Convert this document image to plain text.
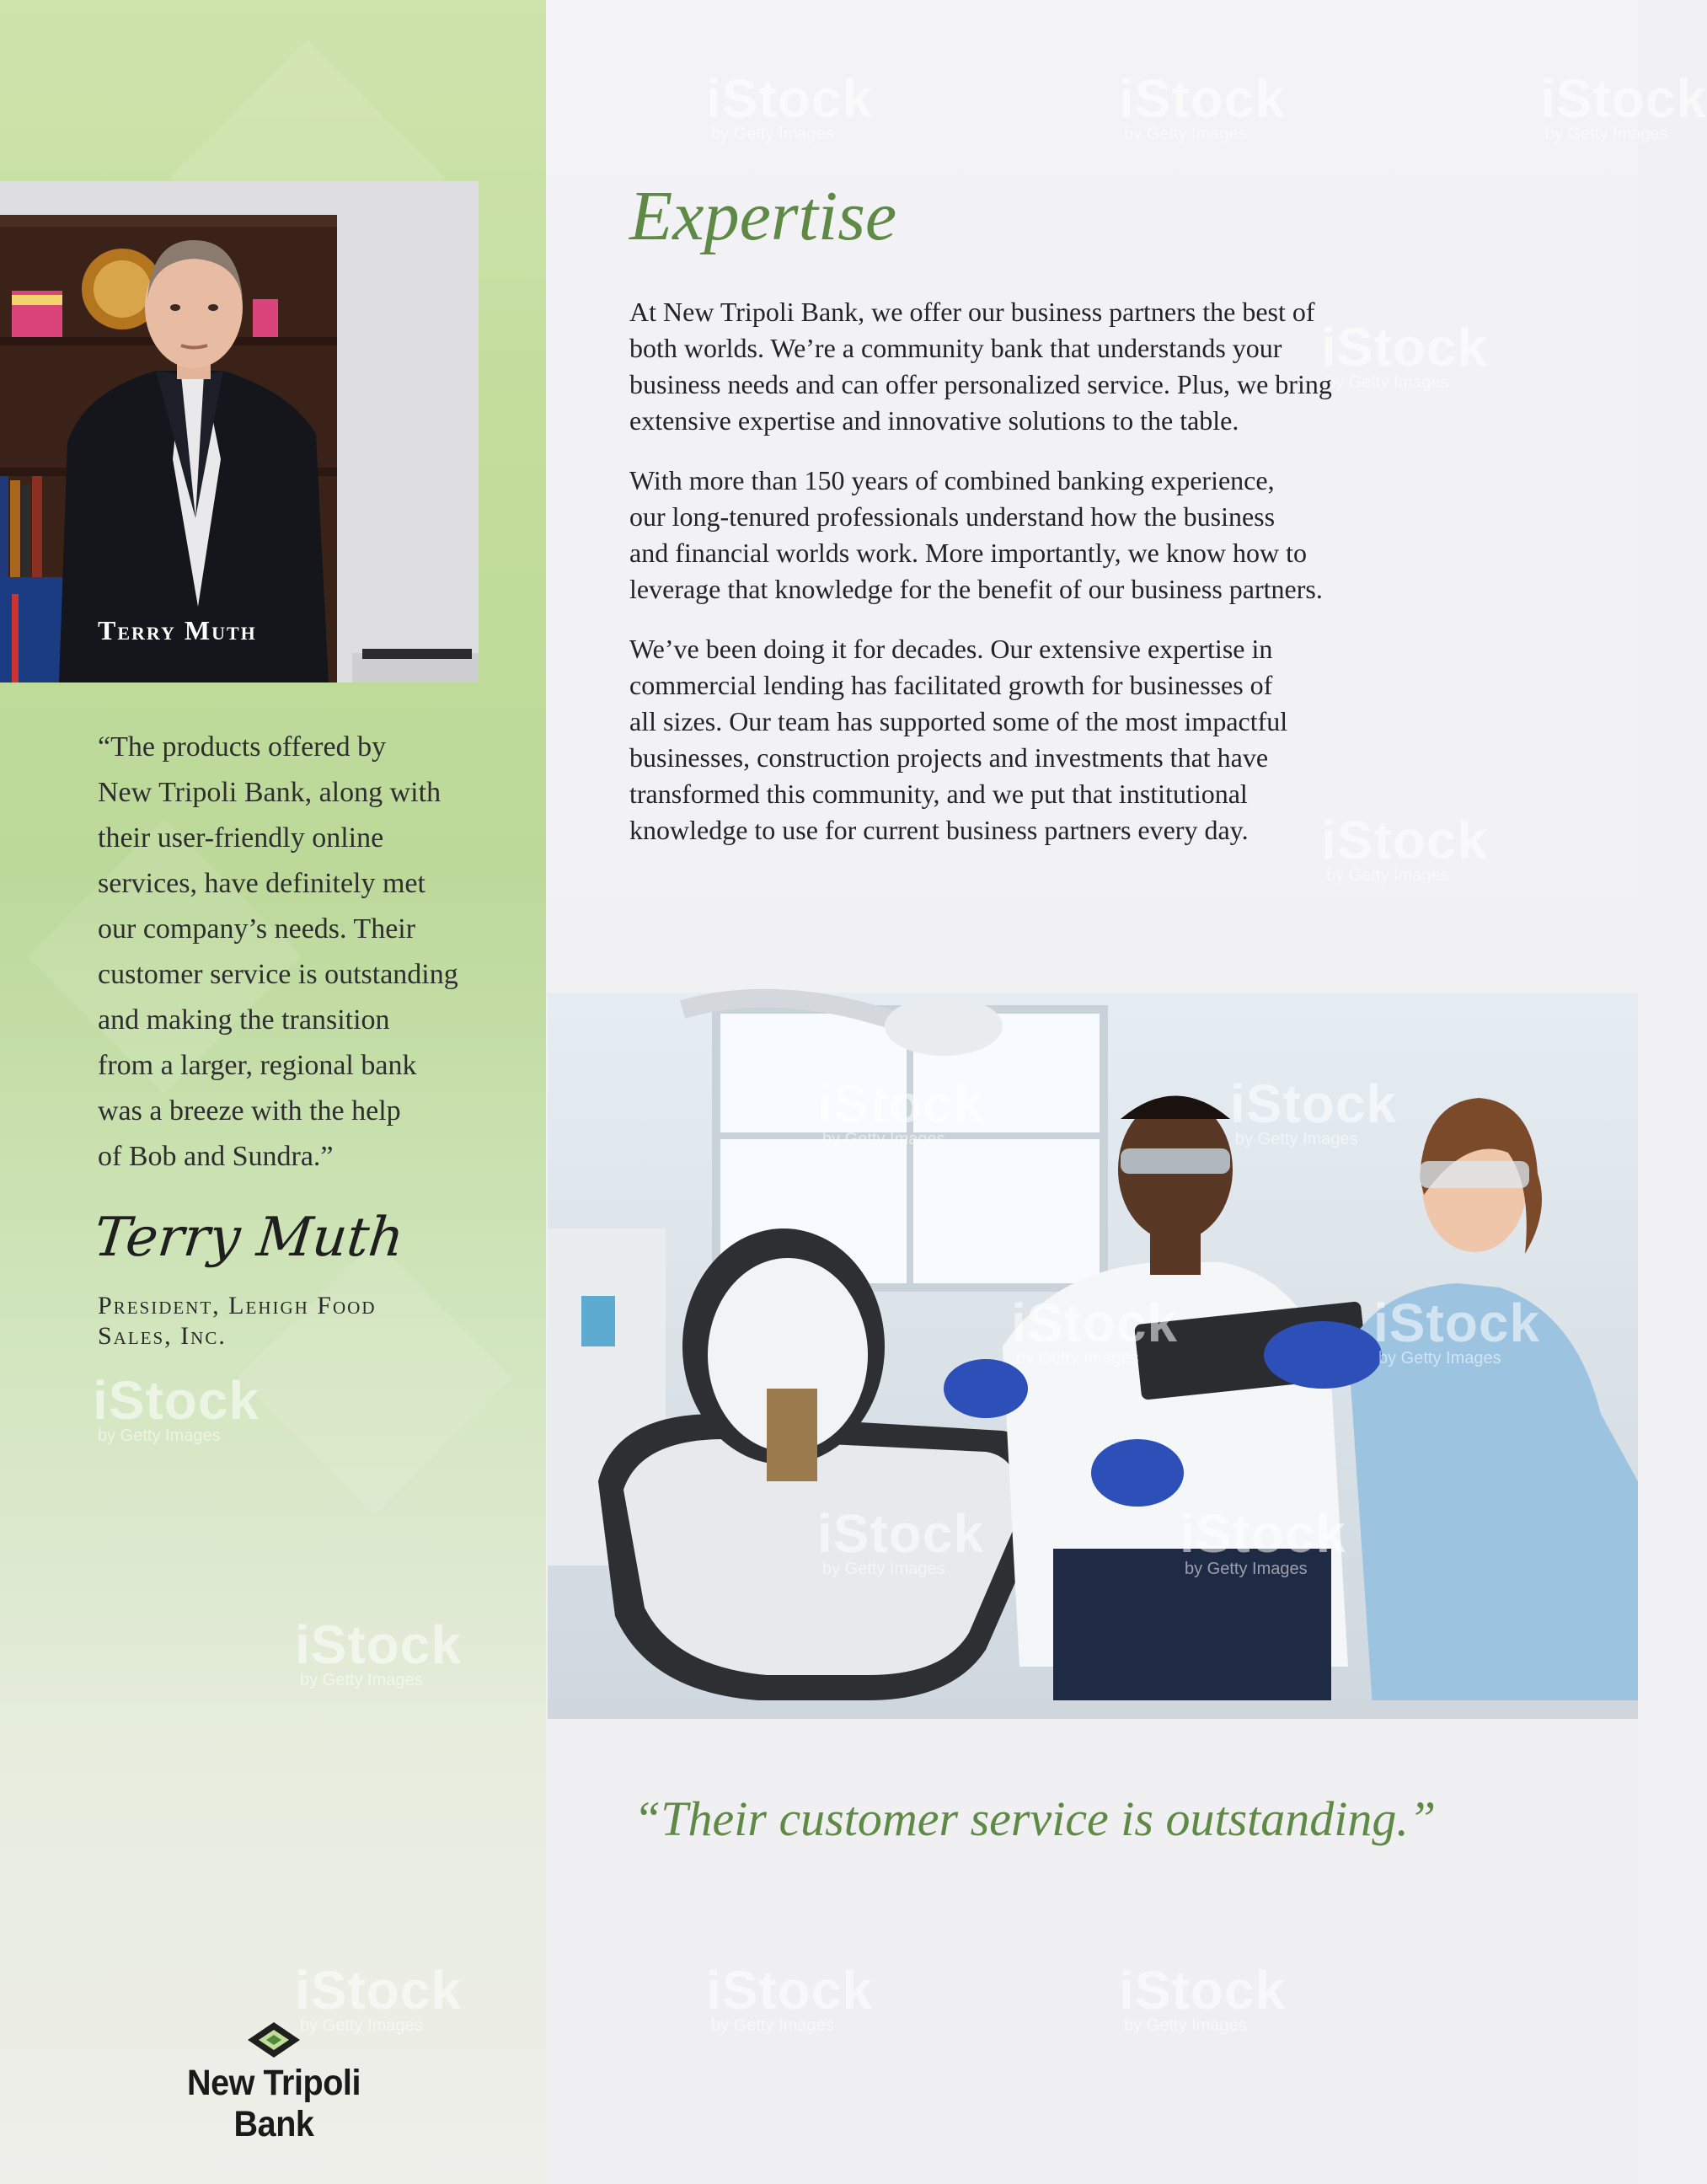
iStock
by Getty Images
iStock
by Getty Images
iStock
by Getty Images
Terry Muth
“The products offered by
New Tripoli Bank, along with
their user-friendly online
services, have definitely met
our company’s needs. Their
customer service is outstanding
and making the transition
from a larger, regional bank
was a breeze with the help
of Bob and Sundra.”
Terry Muth
President, Lehigh Food
Sales, Inc.
New Tripoli Bank
iStock
by Getty Images
iStock
by Getty Images
iStock
by Getty Images
iStock
by Getty Images
iStock
by Getty Images
iStock
by Getty Images
iStock
by Getty Images
Expertise
At New Tripoli Bank, we offer our business partners the best of
both worlds. We’re a community bank that understands your
business needs and can offer personalized service. Plus, we bring
extensive expertise and innovative solutions to the table.
With more than 150 years of combined banking experience,
our long-tenured professionals understand how the business
and financial worlds work. More importantly, we know how to
leverage that knowledge for the benefit of our business partners.
We’ve been doing it for decades. Our extensive expertise in
commercial lending has facilitated growth for businesses of
all sizes. Our team has supported some of the most impactful
businesses, construction projects and investments that have
transformed this community, and we put that institutional
knowledge to use for current business partners every day.
iStock
by Getty Images
iStock
by Getty Images
iStock
by Getty Images
iStock
by Getty Images
iStock
by Getty Images
iStock
by Getty Images
“Their customer service is outstanding.”
